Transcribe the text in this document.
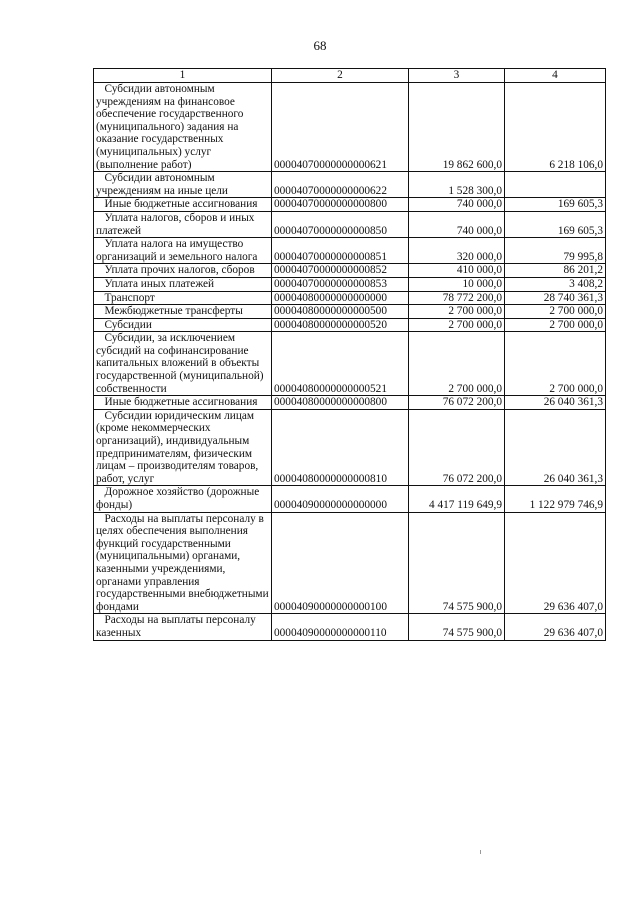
68
1	2	3	4
Субсидии автономным учреждениям на финансовое обеспечение государственного (муниципального) задания на оказание государственных (муниципальных) услуг (выполнение работ)	00004070000000000621	19 862 600,0	6 218 106,0
Субсидии автономным учреждениям на иные цели	00004070000000000622	1 528 300,0	
Иные бюджетные ассигнования	00004070000000000800	740 000,0	169 605,3
Уплата налогов, сборов и иных платежей	00004070000000000850	740 000,0	169 605,3
Уплата налога на имущество организаций и земельного налога	00004070000000000851	320 000,0	79 995,8
Уплата прочих налогов, сборов	00004070000000000852	410 000,0	86 201,2
Уплата иных платежей	00004070000000000853	10 000,0	3 408,2
Транспорт	00004080000000000000	78 772 200,0	28 740 361,3
Межбюджетные трансферты	00004080000000000500	2 700 000,0	2 700 000,0
Субсидии	00004080000000000520	2 700 000,0	2 700 000,0
Субсидии, за исключением субсидий на софинансирование капитальных вложений в объекты государственной (муниципальной) собственности	00004080000000000521	2 700 000,0	2 700 000,0
Иные бюджетные ассигнования	00004080000000000800	76 072 200,0	26 040 361,3
Субсидии юридическим лицам (кроме некоммерческих организаций), индивидуальным предпринимателям, физическим лицам – производителям товаров, работ, услуг	00004080000000000810	76 072 200,0	26 040 361,3
Дорожное хозяйство (дорожные фонды)	00004090000000000000	4 417 119 649,9	1 122 979 746,9
Расходы на выплаты персоналу в целях обеспечения выполнения функций государственными (муниципальными) органами, казенными учреждениями, органами управления государственными внебюджетными фондами	00004090000000000100	74 575 900,0	29 636 407,0
Расходы на выплаты персоналу казенных	00004090000000000110	74 575 900,0	29 636 407,0
